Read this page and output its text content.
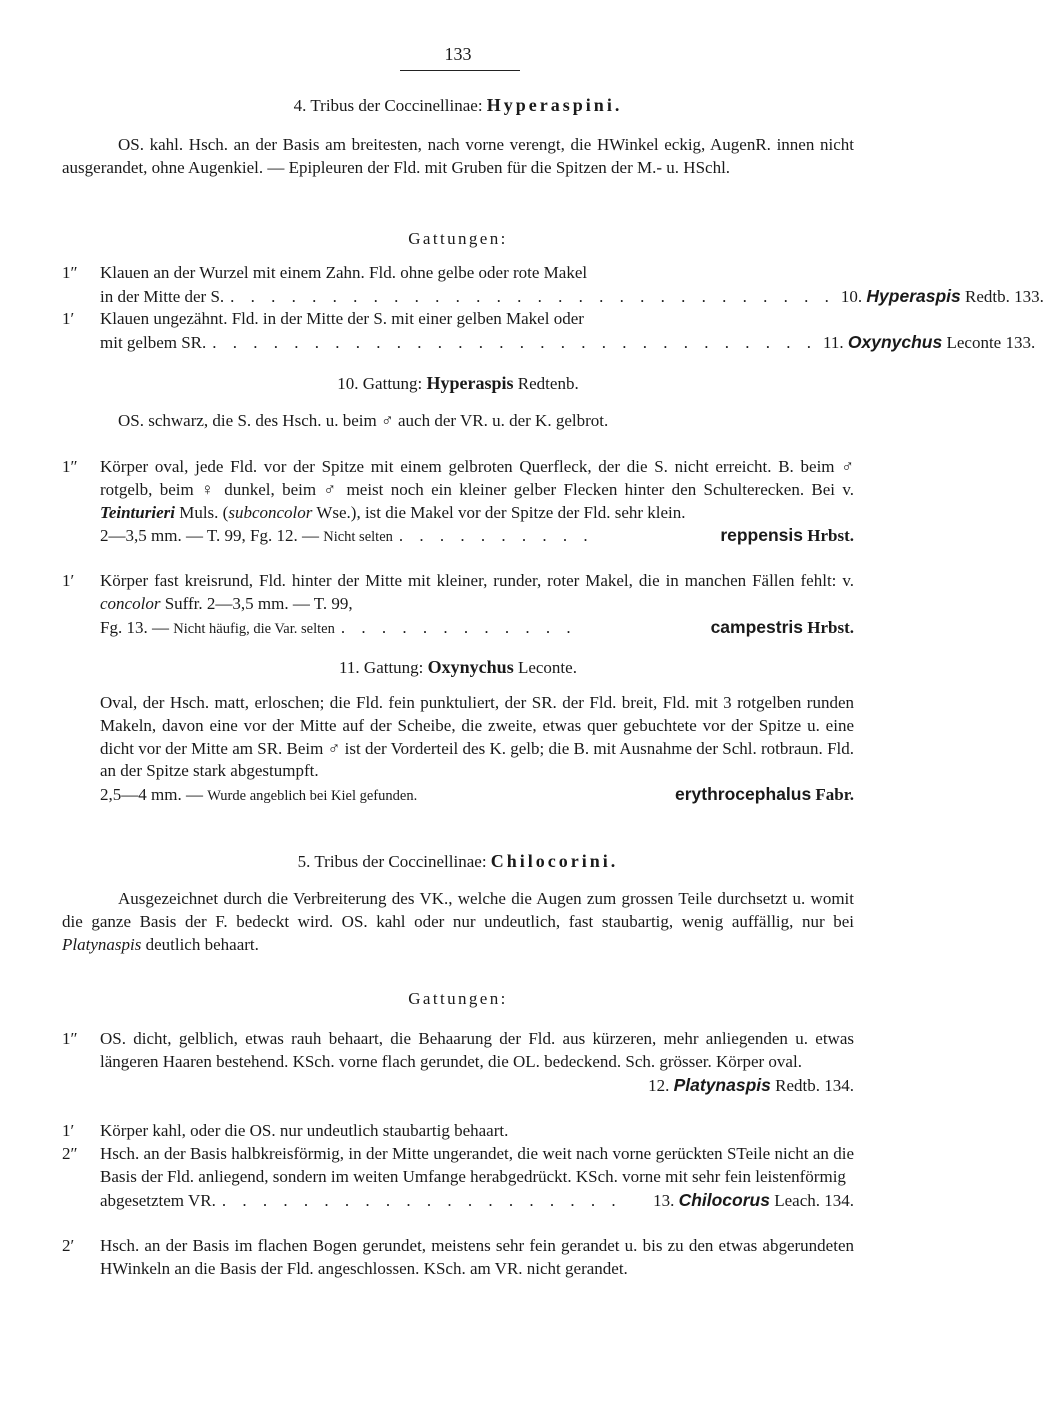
133
4. Tribus der Coccinellinae: Hyperaspini.

OS. kahl. Hsch. an der Basis am breitesten, nach vorne verengt, die HWinkel eckig, AugenR. innen nicht ausgerandet, ohne Augenkiel. — Epipleuren der Fld. mit Gruben für die Spitzen der M.- u. HSchl.

Gattungen:
1″	Klauen an der Wurzel mit einem Zahn. Fld. ohne gelbe oder rote Makel
in der Mitte der S. . . . . . . . . . . . . . . . . . . . . . . . . . . . . . . 10. Hyperaspis Redtb. 133.
1′	Klauen ungezähnt. Fld. in der Mitte der S. mit einer gelben Makel oder
mit gelbem SR. . . . . . . . . . . . . . . . . . . . . . . . . . . . . . . 11. Oxynychus Leconte 133.
10. Gattung: Hyperaspis Redtenb.

OS. schwarz, die S. des Hsch. u. beim ♂ auch der VR. u. der K. gelbrot.

1″	Körper oval, jede Fld. vor der Spitze mit einem gelbroten Querfleck, der die S. nicht erreicht. B. beim ♂ rotgelb, beim ♀ dunkel, beim ♂ meist noch ein kleiner gelber Flecken hinter den Schulterecken. Bei v. Teinturieri Muls. (subconcolor Wse.), ist die Makel vor der Spitze der Fld. sehr klein.
2—3,5 mm. — T. 99, Fg. 12. — Nicht selten . . . . . . . . . .	reppensis Hrbst.
1′	Körper fast kreisrund, Fld. hinter der Mitte mit kleiner, runder, roter Makel, die in manchen Fällen fehlt: v. concolor Suffr. 2—3,5 mm. — T. 99,
Fg. 13. — Nicht häufig, die Var. selten . . . . . . . . . . . .	campestris Hrbst.
11. Gattung: Oxynychus Leconte.
Oval, der Hsch. matt, erloschen; die Fld. fein punktuliert, der SR. der Fld. breit, Fld. mit 3 rotgelben runden Makeln, davon eine vor der Mitte auf der Scheibe, die zweite, etwas quer gebuchtete vor der Spitze u. eine dicht vor der Mitte am SR. Beim ♂ ist der Vorderteil des K. gelb; die B. mit Ausnahme der Schl. rotbraun. Fld. an der Spitze stark abgestumpft.
2,5—4 mm. — Wurde angeblich bei Kiel gefunden.	erythrocephalus Fabr.
5. Tribus der Coccinellinae: Chilocorini.

Ausgezeichnet durch die Verbreiterung des VK., welche die Augen zum grossen Teile durchsetzt u. womit die ganze Basis der F. bedeckt wird. OS. kahl oder nur undeutlich, fast staubartig, wenig auffällig, nur bei Platynaspis deutlich behaart.

Gattungen:
1″	OS. dicht, gelblich, etwas rauh behaart, die Behaarung der Fld. aus kürzeren, mehr anliegenden u. etwas längeren Haaren bestehend. KSch. vorne flach gerundet, die OL. bedeckend. Sch. grösser. Körper oval.
12. Platynaspis Redtb. 134.
1′	Körper kahl, oder die OS. nur undeutlich staubartig behaart.
2″	Hsch. an der Basis halbkreisförmig, in der Mitte ungerandet, die weit nach vorne gerückten STeile nicht an die Basis der Fld. anliegend, sondern im weiten Umfange herabgedrückt. KSch. vorne mit sehr fein leistenförmig
abgesetztem VR. . . . . . . . . . . . . . . . . . . . .	13. Chilocorus Leach. 134.
2′	Hsch. an der Basis im flachen Bogen gerundet, meistens sehr fein gerandet u. bis zu den etwas abgerundeten HWinkeln an die Basis der Fld. angeschlossen. KSch. am VR. nicht gerandet.
